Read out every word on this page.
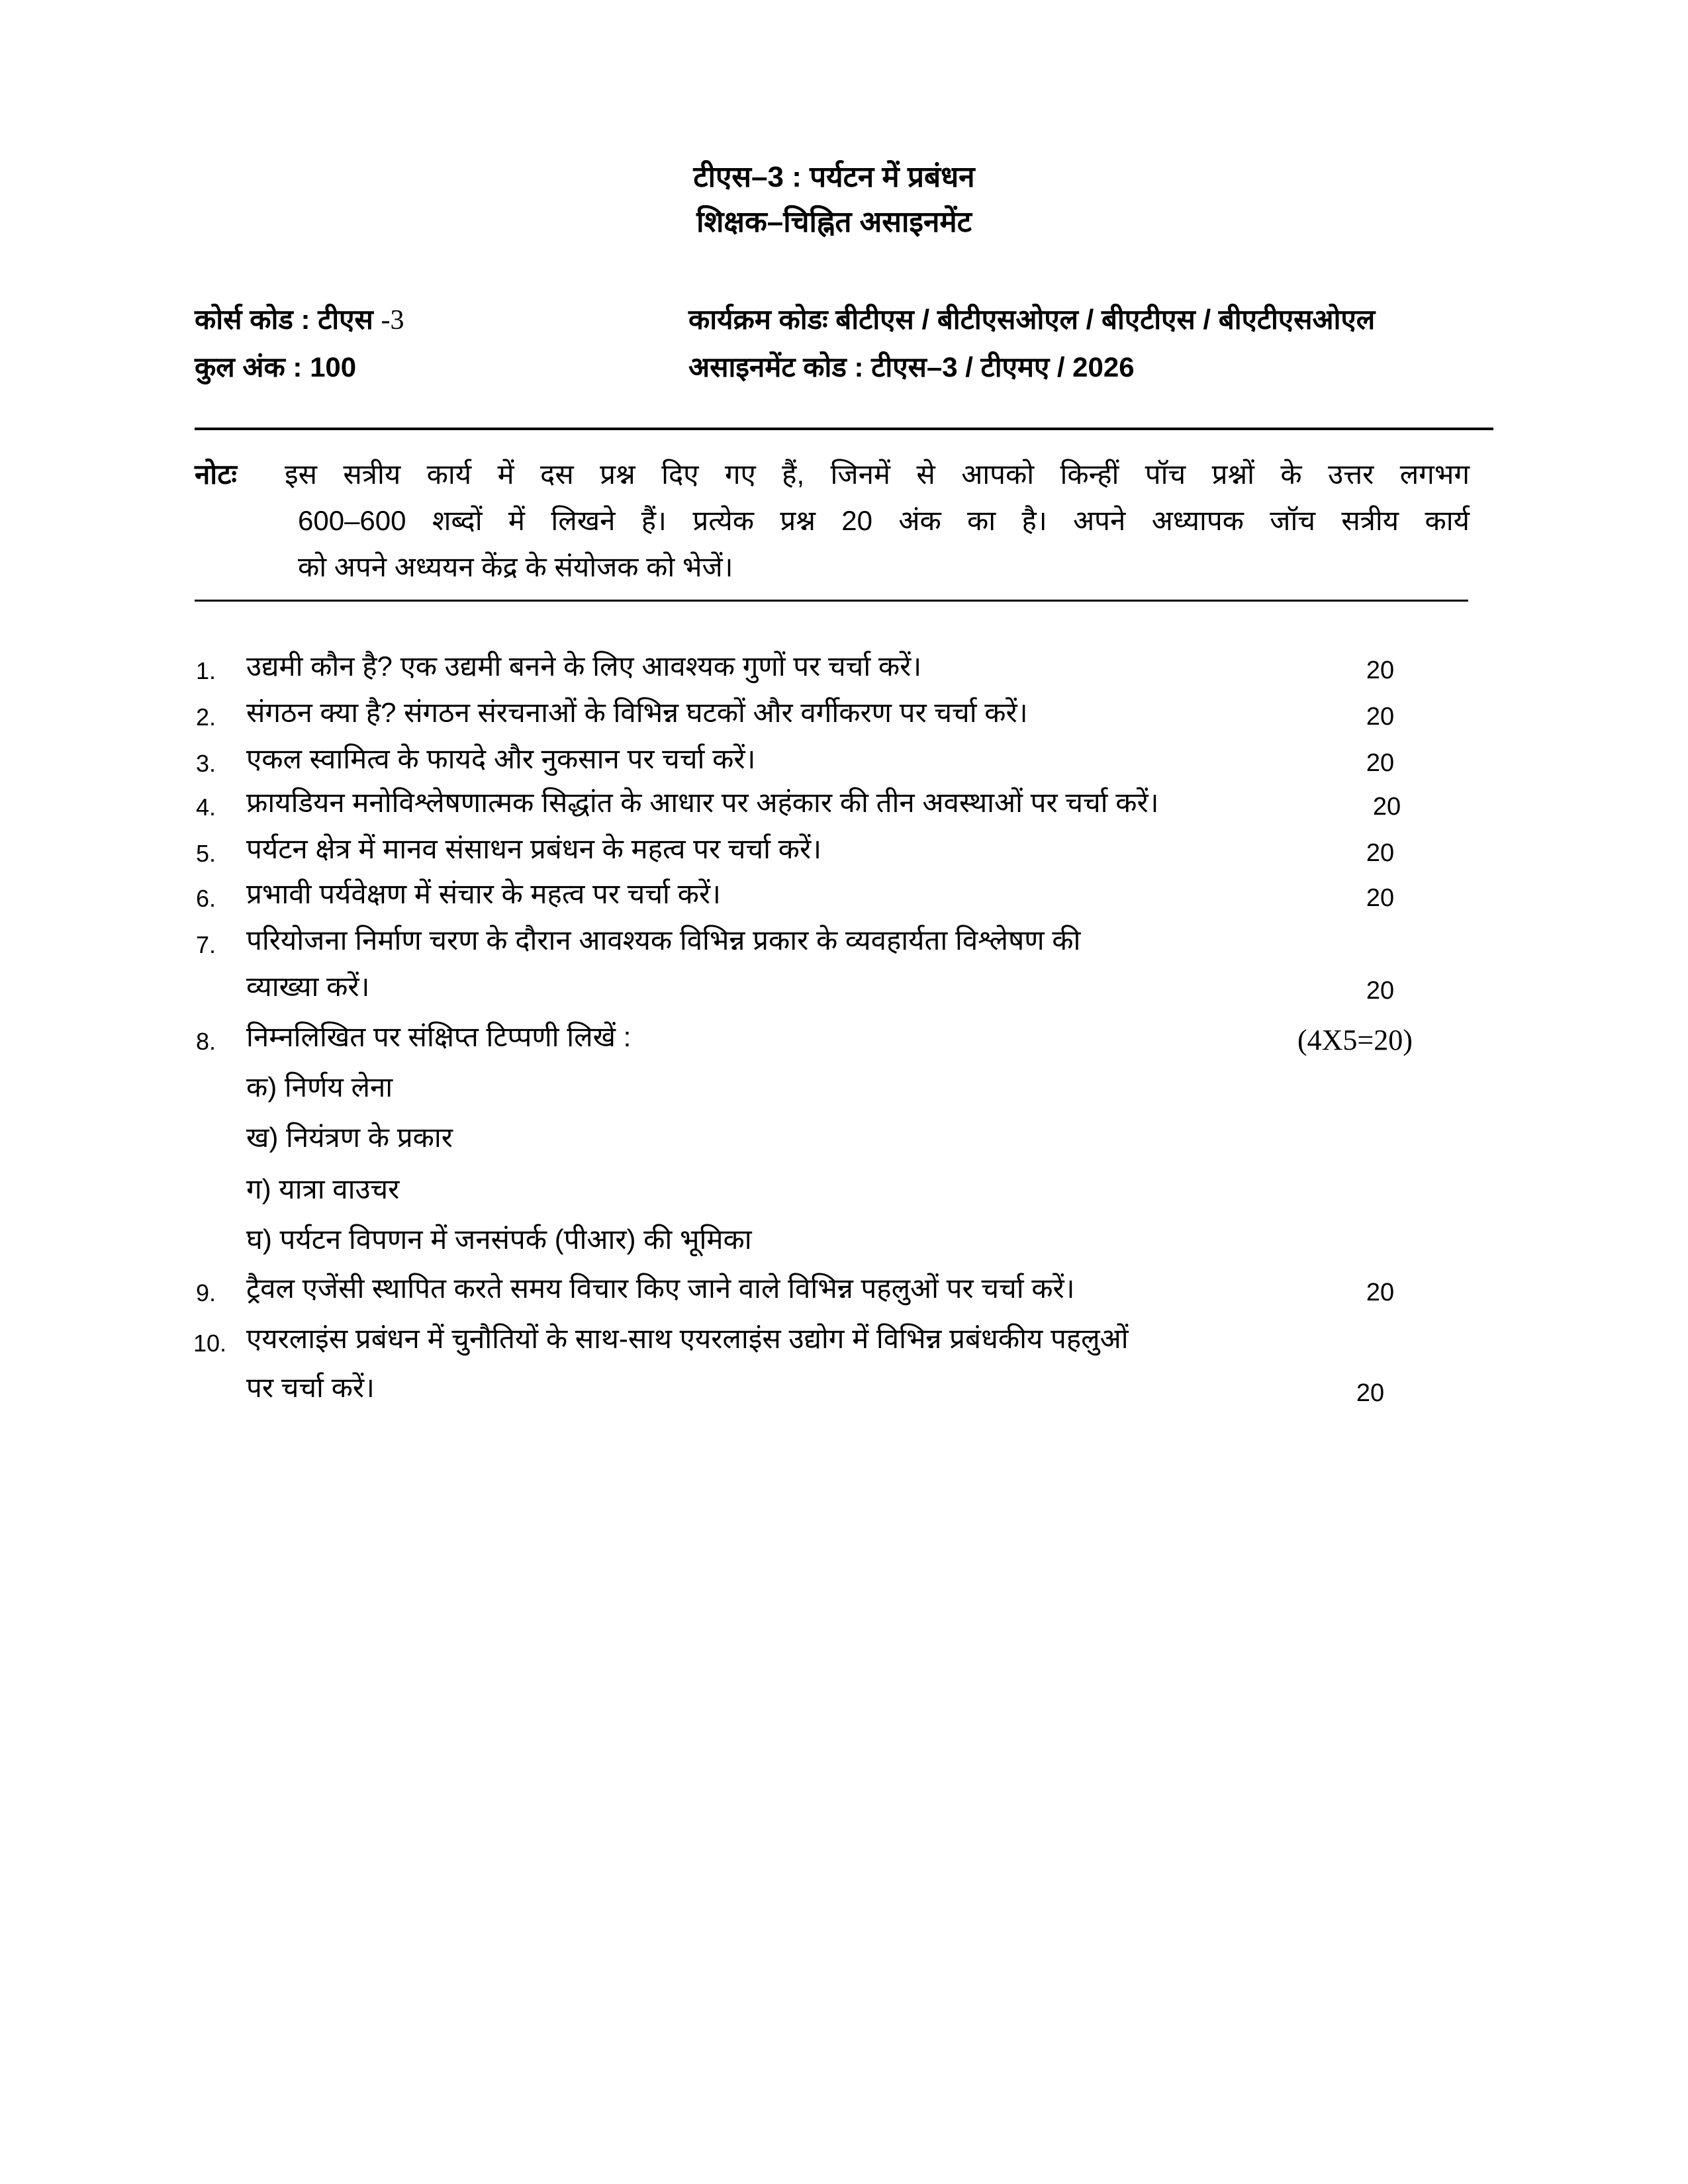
टीएस–3 : पर्यटन में प्रबंधन
शिक्षक–चिह्नित असाइनमेंट
कोर्स कोड : टीएस -3
कुल अंक : 100
कार्यक्रम कोडः बीटीएस / बीटीएसओएल / बीएटीएस / बीएटीएसओएल
असाइनमेंट कोड : टीएस–3 / टीएमए / 2026
नोटः इस सत्रीय कार्य में दस प्रश्न दिए गए हैं, जिनमें से आपको किन्हीं पॉच प्रश्नों के उत्तर लगभग
600–600 शब्दों में लिखने हैं। प्रत्येक प्रश्न 20 अंक का है। अपने अध्यापक जॉच सत्रीय कार्य
को अपने अध्ययन केंद्र के संयोजक को भेजें।
1. उद्यमी कौन है? एक उद्यमी बनने के लिए आवश्यक गुणों पर चर्चा करें।	20
2. संगठन क्या है? संगठन संरचनाओं के विभिन्न घटकों और वर्गीकरण पर चर्चा करें।	20
3. एकल स्वामित्व के फायदे और नुकसान पर चर्चा करें।	20
4. फ्रायडियन मनोविश्लेषणात्मक सिद्धांत के आधार पर अहंकार की तीन अवस्थाओं पर चर्चा करें।	20
5. पर्यटन क्षेत्र में मानव संसाधन प्रबंधन के महत्व पर चर्चा करें।	20
6. प्रभावी पर्यवेक्षण में संचार के महत्व पर चर्चा करें।	20
7. परियोजना निर्माण चरण के दौरान आवश्यक विभिन्न प्रकार के व्यवहार्यता विश्लेषण की
व्याख्या करें।	20
8. निम्नलिखित पर संक्षिप्त टिप्पणी लिखें :	(4X5=20)
क) निर्णय लेना
ख) नियंत्रण के प्रकार
ग) यात्रा वाउचर
घ) पर्यटन विपणन में जनसंपर्क (पीआर) की भूमिका
9. ट्रैवल एजेंसी स्थापित करते समय विचार किए जाने वाले विभिन्न पहलुओं पर चर्चा करें।	20
10. एयरलाइंस प्रबंधन में चुनौतियों के साथ-साथ एयरलाइंस उद्योग में विभिन्न प्रबंधकीय पहलुओं
पर चर्चा करें।	20
